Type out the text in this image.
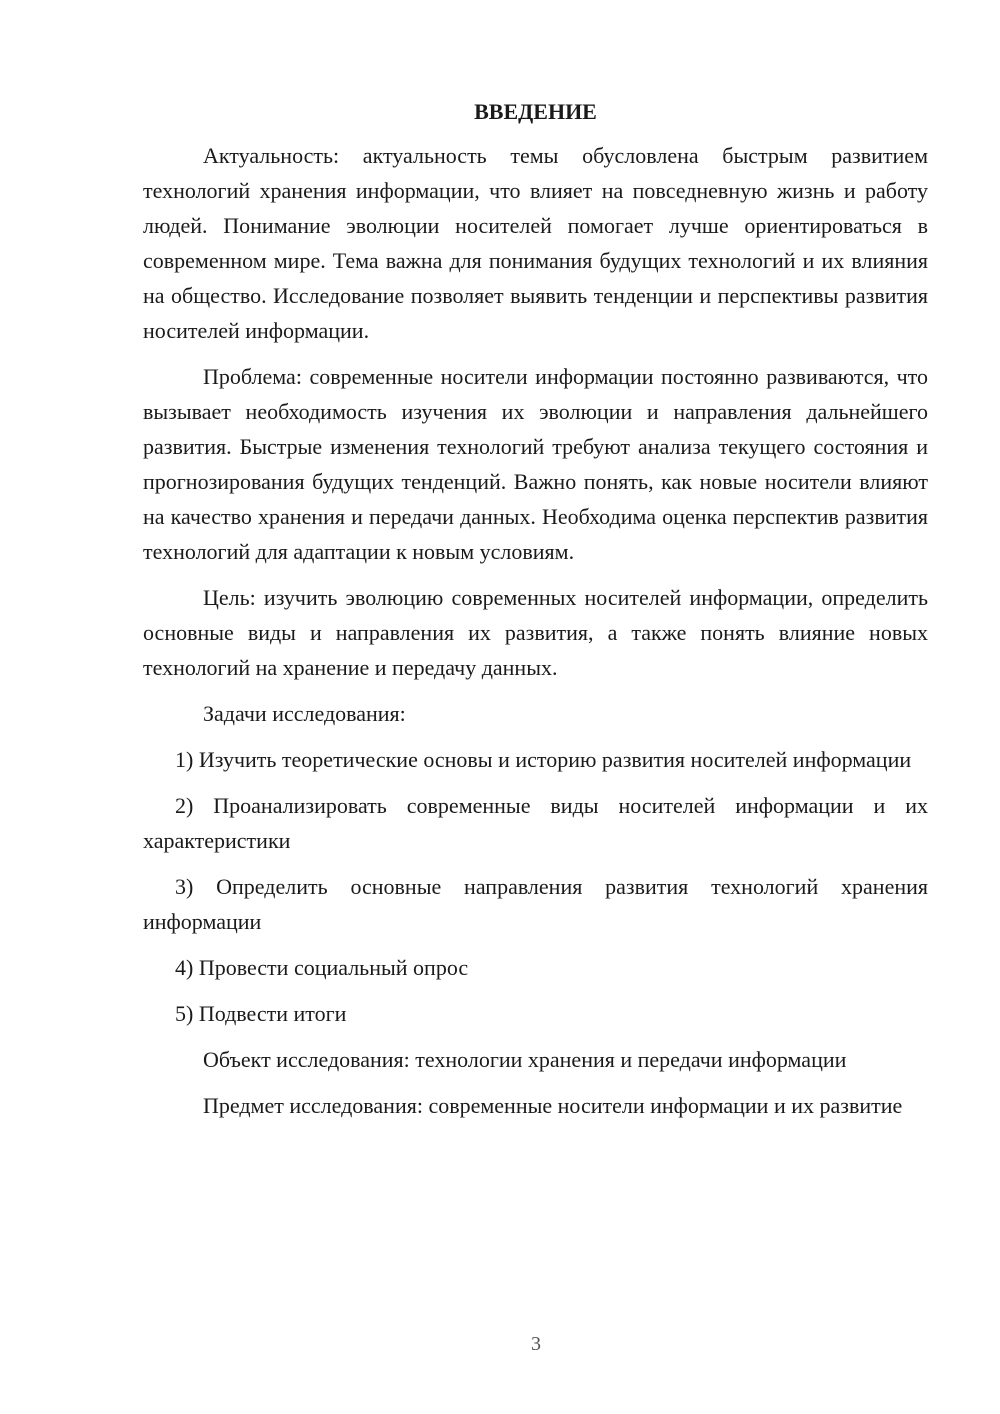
ВВЕДЕНИЕ

Актуальность: актуальность темы обусловлена быстрым развитием технологий хранения информации, что влияет на повседневную жизнь и работу людей. Понимание эволюции носителей помогает лучше ориентироваться в современном мире. Тема важна для понимания будущих технологий и их влияния на общество. Исследование позволяет выявить тенденции и перспективы развития носителей информации.

Проблема: современные носители информации постоянно развиваются, что вызывает необходимость изучения их эволюции и направления дальнейшего развития. Быстрые изменения технологий требуют анализа текущего состояния и прогнозирования будущих тенденций. Важно понять, как новые носители влияют на качество хранения и передачи данных. Необходима оценка перспектив развития технологий для адаптации к новым условиям.

Цель: изучить эволюцию современных носителей информации, определить основные виды и направления их развития, а также понять влияние новых технологий на хранение и передачу данных.

Задачи исследования:

1) Изучить теоретические основы и историю развития носителей информации

2) Проанализировать современные виды носителей информации и их характеристики

3) Определить основные направления развития технологий хранения информации

4) Провести социальный опрос

5) Подвести итоги

Объект исследования: технологии хранения и передачи информации

Предмет исследования: современные носители информации и их развитие

3
